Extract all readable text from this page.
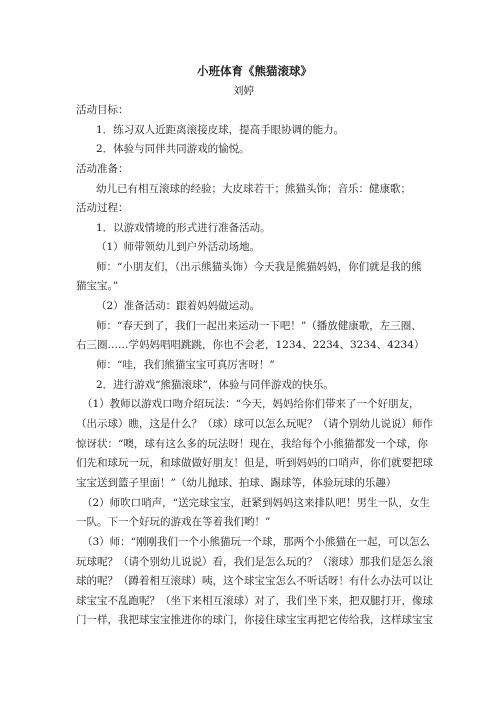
小班体育《熊猫滚球》
刘婷
活动目标：
1．练习双人近距离滚接皮球，提高手眼协调的能力。
2．体验与同伴共同游戏的愉悦。
活动准备：
幼儿已有相互滚球的经验；大皮球若干；熊猫头饰；音乐：健康歌；
活动过程：
1．以游戏情境的形式进行准备活动。
（1）师带领幼儿到户外活动场地。
师：“小朋友们，（出示熊猫头饰）今天我是熊猫妈妈，你们就是我的熊
猫宝宝。”
（2）准备活动：跟着妈妈做运动。
师：“春天到了，我们一起出来运动一下吧！”（播放健康歌，左三圈、
右三圈……学妈妈唱唱跳跳，你也不会老，1234、2234、3234、4234）
师：“哇，我们熊猫宝宝可真厉害呀！”
2．进行游戏“熊猫滚球”，体验与同伴游戏的快乐。
（1）教师以游戏口吻介绍玩法：“今天，妈妈给你们带来了一个好朋友，
（出示球）瞧，这是什么？（球）球可以怎么玩呢？（请个别幼儿说说）师作
惊讶状：“噢，球有这么多的玩法呀！现在，我给每个小熊猫都发一个球，你
们先和球玩一玩，和球做做好朋友！但是，听到妈妈的口哨声，你们就要把球
宝宝送到篮子里面！”（幼儿抛球、拍球、踢球等，体验玩球的乐趣）
（2）师吹口哨声，“送完球宝宝，赶紧到妈妈这来排队吧！男生一队，女生
一队。下一个好玩的游戏在等着我们哟！”
（3）师：“刚刚我们一个小熊猫玩一个球，那两个小熊猫在一起，可以怎么
玩球呢？（请个别幼儿说说）看，我们是怎么玩的？（滚球）那我们是怎么滚
球的呢？（蹲着相互滚球）咦，这个球宝宝怎么不听话呀！有什么办法可以让
球宝宝不乱跑呢？（坐下来相互滚球）对了，我们坐下来，把双腿打开，像球
门一样，我把球宝宝推进你的球门，你接住球宝宝再把它传给我，这样球宝宝
